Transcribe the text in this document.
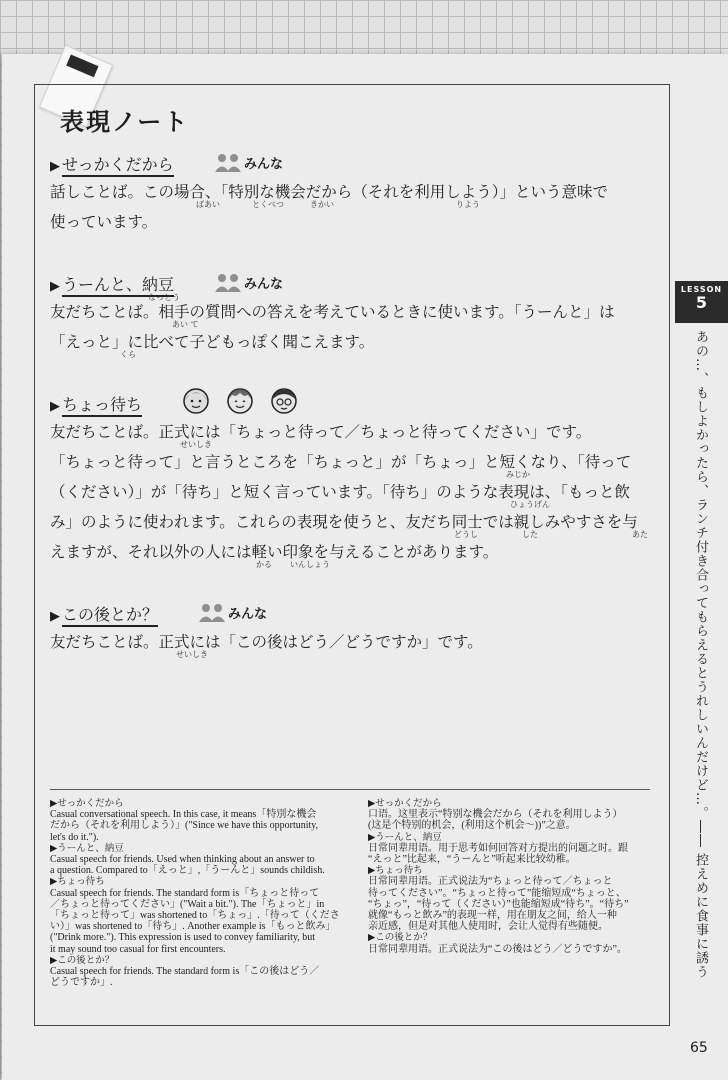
表現ノート
▶ せっかくだから	みんな
話しことば。この場合、「特別な機会だから（それを利用しよう）」という意味で
ばあい	とくべつ	きかい	りよう
使っています。
▶ うーんと、納豆
なっとう
みんな
友だちことば。相手の質問への答えを考えているときに使います。「うーんと」は
あい て
「えっと」に比べて子どもっぽく聞こえます。
くら
▶ ちょっ待ち
友だちことば。正式には「ちょっと待って／ちょっと待ってください」です。
せいしき
「ちょっと待って」と言うところを「ちょっと」が「ちょっ」と短くなり、「待って
みじか
（ください）」が「待ち」と短く言っています。「待ち」のような表現は、「もっと飲
ひょうげん
み」のように使われます。これらの表現を使うと、友だち同士では親しみやすさを与
どうし	した	あた
えますが、それ以外の人には軽い印象を与えることがあります。
かる いんしょう
▶ この後とか？	みんな
友だちことば。正式には「この後はどう／どうですか」です。
せいしき
▶せっかくだから
Casual conversational speech. In this case, it means「特別な機会
だから（それを利用しよう）」("Since we have this opportunity,
let's do it.").
▶うーんと、納豆
Casual speech for friends. Used when thinking about an answer to
a question. Compared to「えっと」,「うーんと」sounds childish.
▶ちょっ待ち
Casual speech for friends. The standard form is「ちょっと待って
／ちょっと待ってください」("Wait a bit."). The「ちょっと」in
「ちょっと待って」was shortened to「ちょっ」.「待って（くださ
い）」was shortened to「待ち」. Another example is「もっと飲み」
("Drink more."). This expression is used to convey familiarity, but
it may sound too casual for first encounters.
▶この後とか？
Casual speech for friends. The standard form is「この後はどう／
どうですか」.
▶せっかくだから
口语。这里表示“特别な機会だから（それを利用しよう）
(这是个特别的机会，(利用这个机会～))”之意。
▶うーんと、納豆
日常同辈用语。用于思考如何回答对方提出的问题之时。跟
“えっと”比起来，“うーんと”听起来比较幼稚。
▶ちょっ待ち
日常同辈用语。正式说法为“ちょっと待って／ちょっと
待ってください”。“ちょっと待って”能缩短成“ちょっと、
“ちょっ”，“待って（ください）”也能缩短成“待ち”。“待ち”
就像“もっと飲み”的表现一样，用在朋友之间，给人一种
亲近感，但是对其他人使用时，会让人觉得有些随便。
▶この後とか？
日常同辈用语。正式说法为“この後はどう／どうですか”。
LESSON
5
あの…、もしよかったら、ランチ付き合ってもらえるとうれしいんだけど…。―― 控えめに食事に誘う
65
